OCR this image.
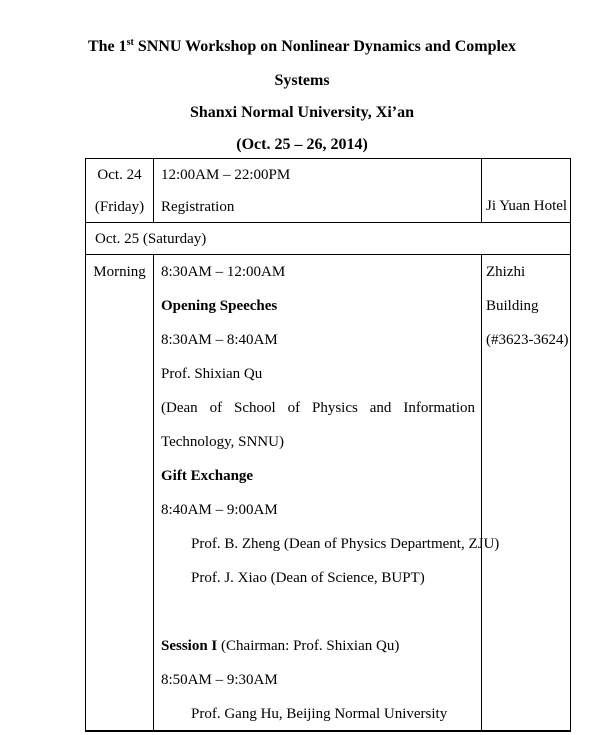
The 1st SNNU Workshop on Nonlinear Dynamics and Complex
Systems
Shanxi Normal University, Xi’an
(Oct. 25 – 26, 2014)
Oct. 24
(Friday)
12:00AM – 22:00PM
Registration	Ji Yuan Hotel
Oct. 25 (Saturday)
Morning	8:30AM – 12:00AM
Opening Speeches
8:30AM – 8:40AM
Prof. Shixian Qu
(Dean of School of Physics and Information
Technology, SNNU)
Gift Exchange
8:40AM – 9:00AM
Prof. B. Zheng (Dean of Physics Department, ZJU)
Prof. J. Xiao (Dean of Science, BUPT)
Session I (Chairman: Prof. Shixian Qu)
8:50AM – 9:30AM
Prof. Gang Hu, Beijing Normal University
Zhizhi
Building
(#3623-3624)
